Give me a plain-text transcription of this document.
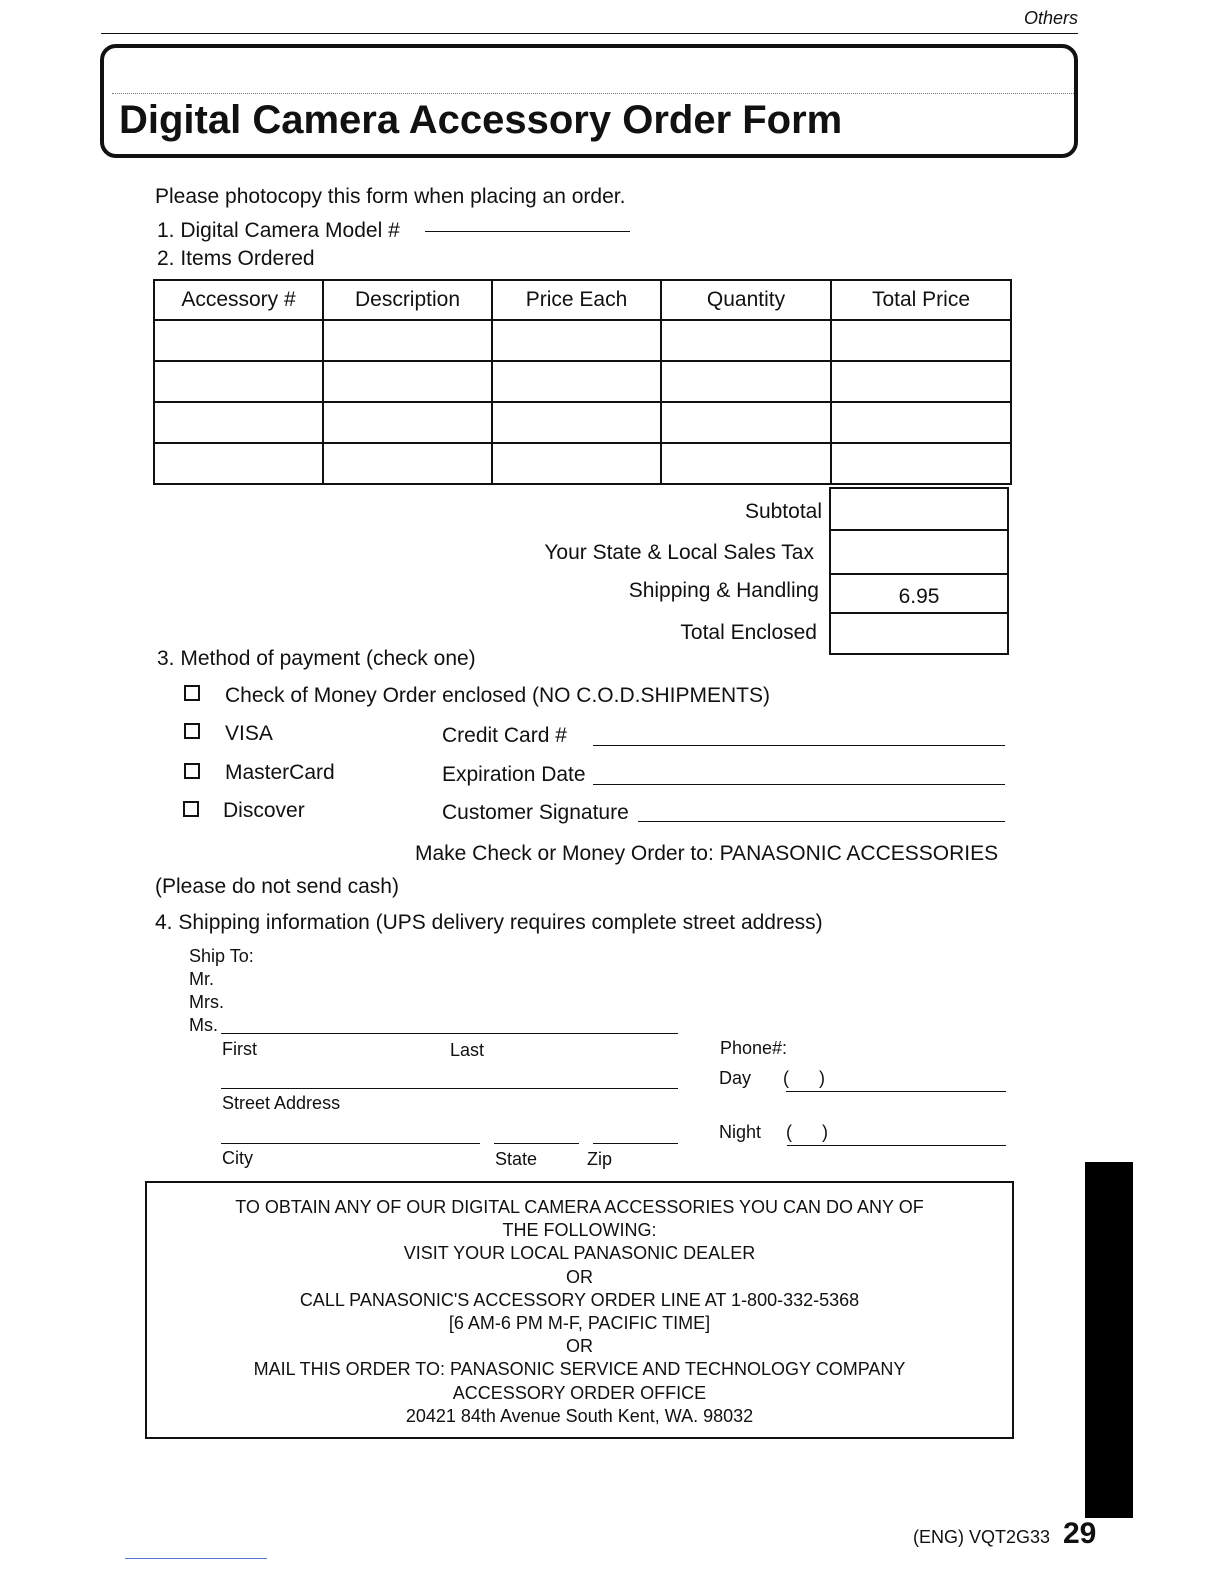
Others
Digital Camera Accessory Order Form
Please photocopy this form when placing an order.
1. Digital Camera Model #
2. Items Ordered
Accessory #	Description	Price Each	Quantity	Total Price

Subtotal
Your State & Local Sales Tax
Shipping & Handling	6.95
Total Enclosed
3. Method of payment (check one)
Check of Money Order enclosed (NO C.O.D.SHIPMENTS)
VISA	Credit Card #
MasterCard	Expiration Date
Discover	Customer Signature
Make Check or Money Order to: PANASONIC ACCESSORIES
(Please do not send cash)
4. Shipping information (UPS delivery requires complete street address)
Ship To:
Mr.
Mrs.
Ms.
First	Last
Street Address
City	State	Zip
Phone#:
Day (      )
Night (      )
TO OBTAIN ANY OF OUR DIGITAL CAMERA ACCESSORIES YOU CAN DO ANY OF
THE FOLLOWING:
VISIT YOUR LOCAL PANASONIC DEALER
OR
CALL PANASONIC'S ACCESSORY ORDER LINE AT 1-800-332-5368
[6 AM-6 PM M-F, PACIFIC TIME]
OR
MAIL THIS ORDER TO: PANASONIC SERVICE AND TECHNOLOGY COMPANY
ACCESSORY ORDER OFFICE
20421 84th Avenue South Kent, WA. 98032
(ENG) VQT2G33 29
